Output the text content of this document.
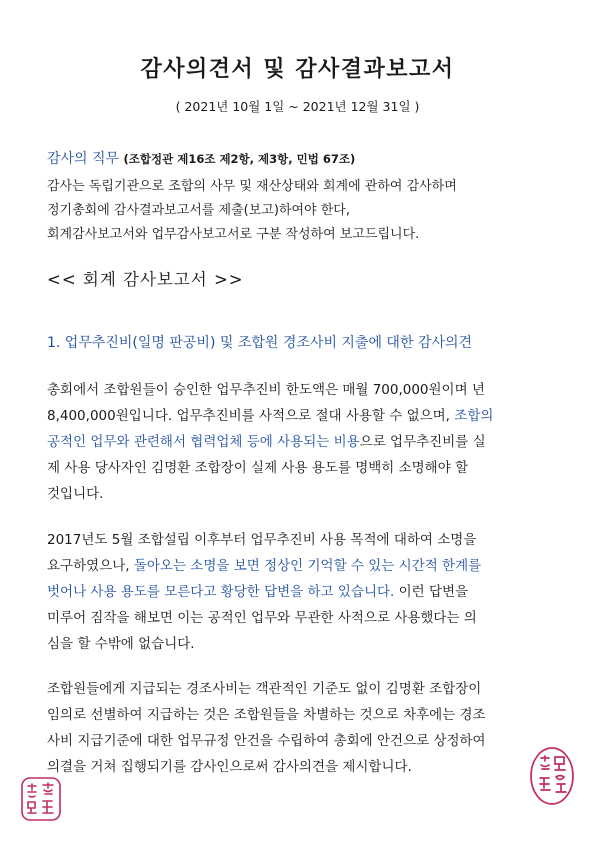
감사의견서 및 감사결과보고서
( 2021년 10월 1일 ~ 2021년 12월 31일 )
감사의 직무 (조합정관 제16조 제2항, 제3항, 민법 67조)
감사는 독립기관으로 조합의 사무 및 재산상태와 회계에 관하여 감사하며
정기총회에 감사결과보고서를 제출(보고)하여야 한다,
회계감사보고서와 업무감사보고서로 구분 작성하여 보고드립니다.
<< 회계 감사보고서 >>
1. 업무추진비(일명 판공비) 및 조합원 경조사비 지출에 대한 감사의견
총회에서 조합원들이 승인한 업무추진비 한도액은 매월 700,000원이며 년
8,400,000원입니다. 업무추진비를 사적으로 절대 사용할 수 없으며, 조합의
공적인 업무와 관련해서 협력업체 등에 사용되는 비용으로 업무추진비를 실
제 사용 당사자인 김명환 조합장이 실제 사용 용도를 명백히 소명해야 할
것입니다.
2017년도 5월 조합설립 이후부터 업무추진비 사용 목적에 대하여 소명을
요구하였으나, 돌아오는 소명을 보면 정상인 기억할 수 있는 시간적 한계를
벗어나 사용 용도를 모른다고 황당한 답변을 하고 있습니다. 이런 답변을
미루어 짐작을 해보면 이는 공적인 업무와 무관한 사적으로 사용했다는 의
심을 할 수밖에 없습니다.
조합원들에게 지급되는 경조사비는 객관적인 기준도 없이 김명환 조합장이
임의로 선별하여 지급하는 것은 조합원들을 차별하는 것으로 차후에는 경조
사비 지급기준에 대한 업무규정 안건을 수립하여 총회에 안건으로 상정하여
의결을 거쳐 집행되기를 감사인으로써 감사의견을 제시합니다.
